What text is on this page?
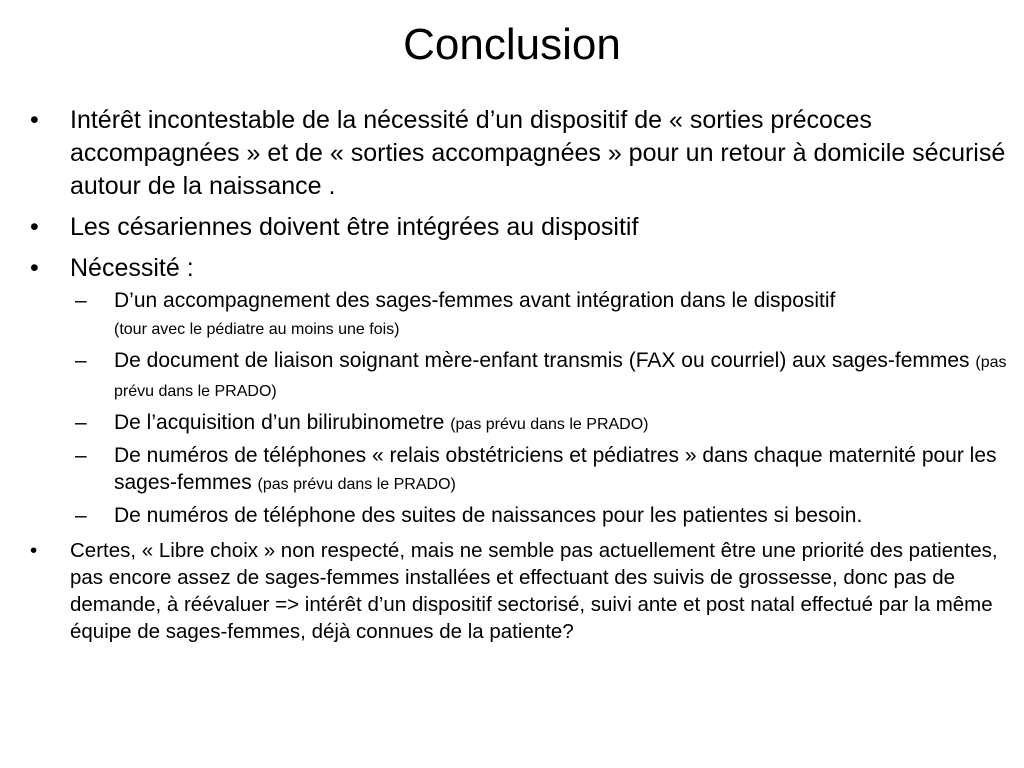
Conclusion
•	Intérêt incontestable de la nécessité d’un dispositif de « sorties précoces accompagnées » et de « sorties accompagnées » pour un retour à domicile sécurisé autour de la naissance .
•	Les césariennes doivent être intégrées au dispositif
•	Nécessité :
–	D’un accompagnement des sages-femmes avant intégration dans le dispositif
(tour avec le pédiatre au moins une fois)
–	De document de liaison soignant mère-enfant transmis (FAX ou courriel) aux sages-femmes (pas prévu dans le PRADO)
–	De l’acquisition d’un bilirubinometre (pas prévu dans le PRADO)
–	De numéros de téléphones « relais obstétriciens et pédiatres » dans chaque maternité pour les sages-femmes (pas prévu dans le PRADO)
–	De numéros de téléphone des suites de naissances pour les patientes si besoin.
•	Certes, « Libre choix » non respecté, mais ne semble pas actuellement être une priorité des patientes, pas encore assez de sages-femmes installées et effectuant des suivis de grossesse, donc pas de demande, à réévaluer => intérêt d’un dispositif sectorisé, suivi ante et post natal effectué par la même équipe de sages-femmes, déjà connues de la patiente?
